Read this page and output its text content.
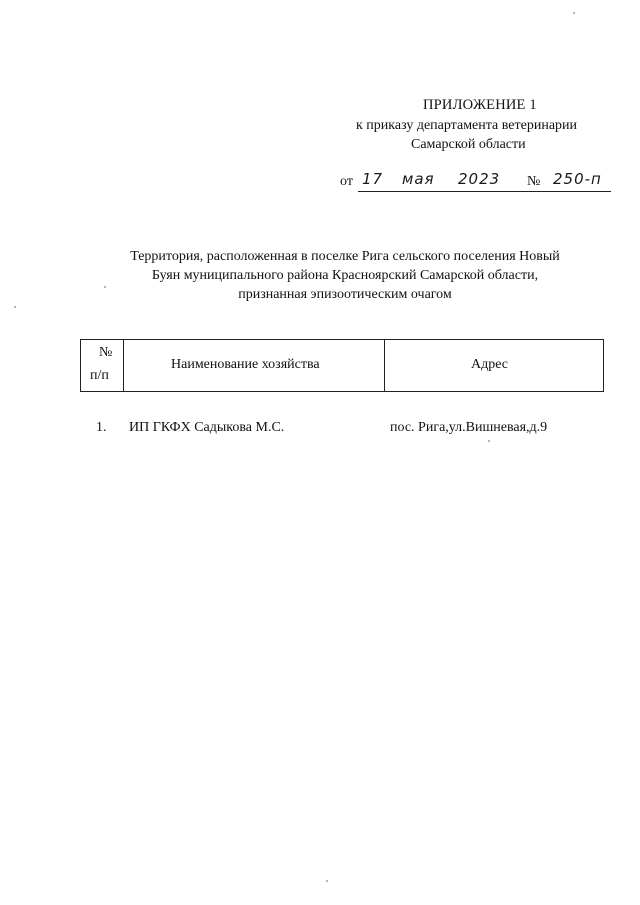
ПРИЛОЖЕНИЕ 1
к приказу департамента ветеринарии
Самарской области
от 17 мая 2023 № 250-п
Территория, расположенная в поселке Рига сельского поселения Новый
Буян муниципального района Красноярский Самарской области,
признанная эпизоотическим очагом
№
п/п
Наименование хозяйства	Адрес
1. ИП ГКФХ Садыкова М.С.	пос. Рига,ул.Вишневая,д.9
